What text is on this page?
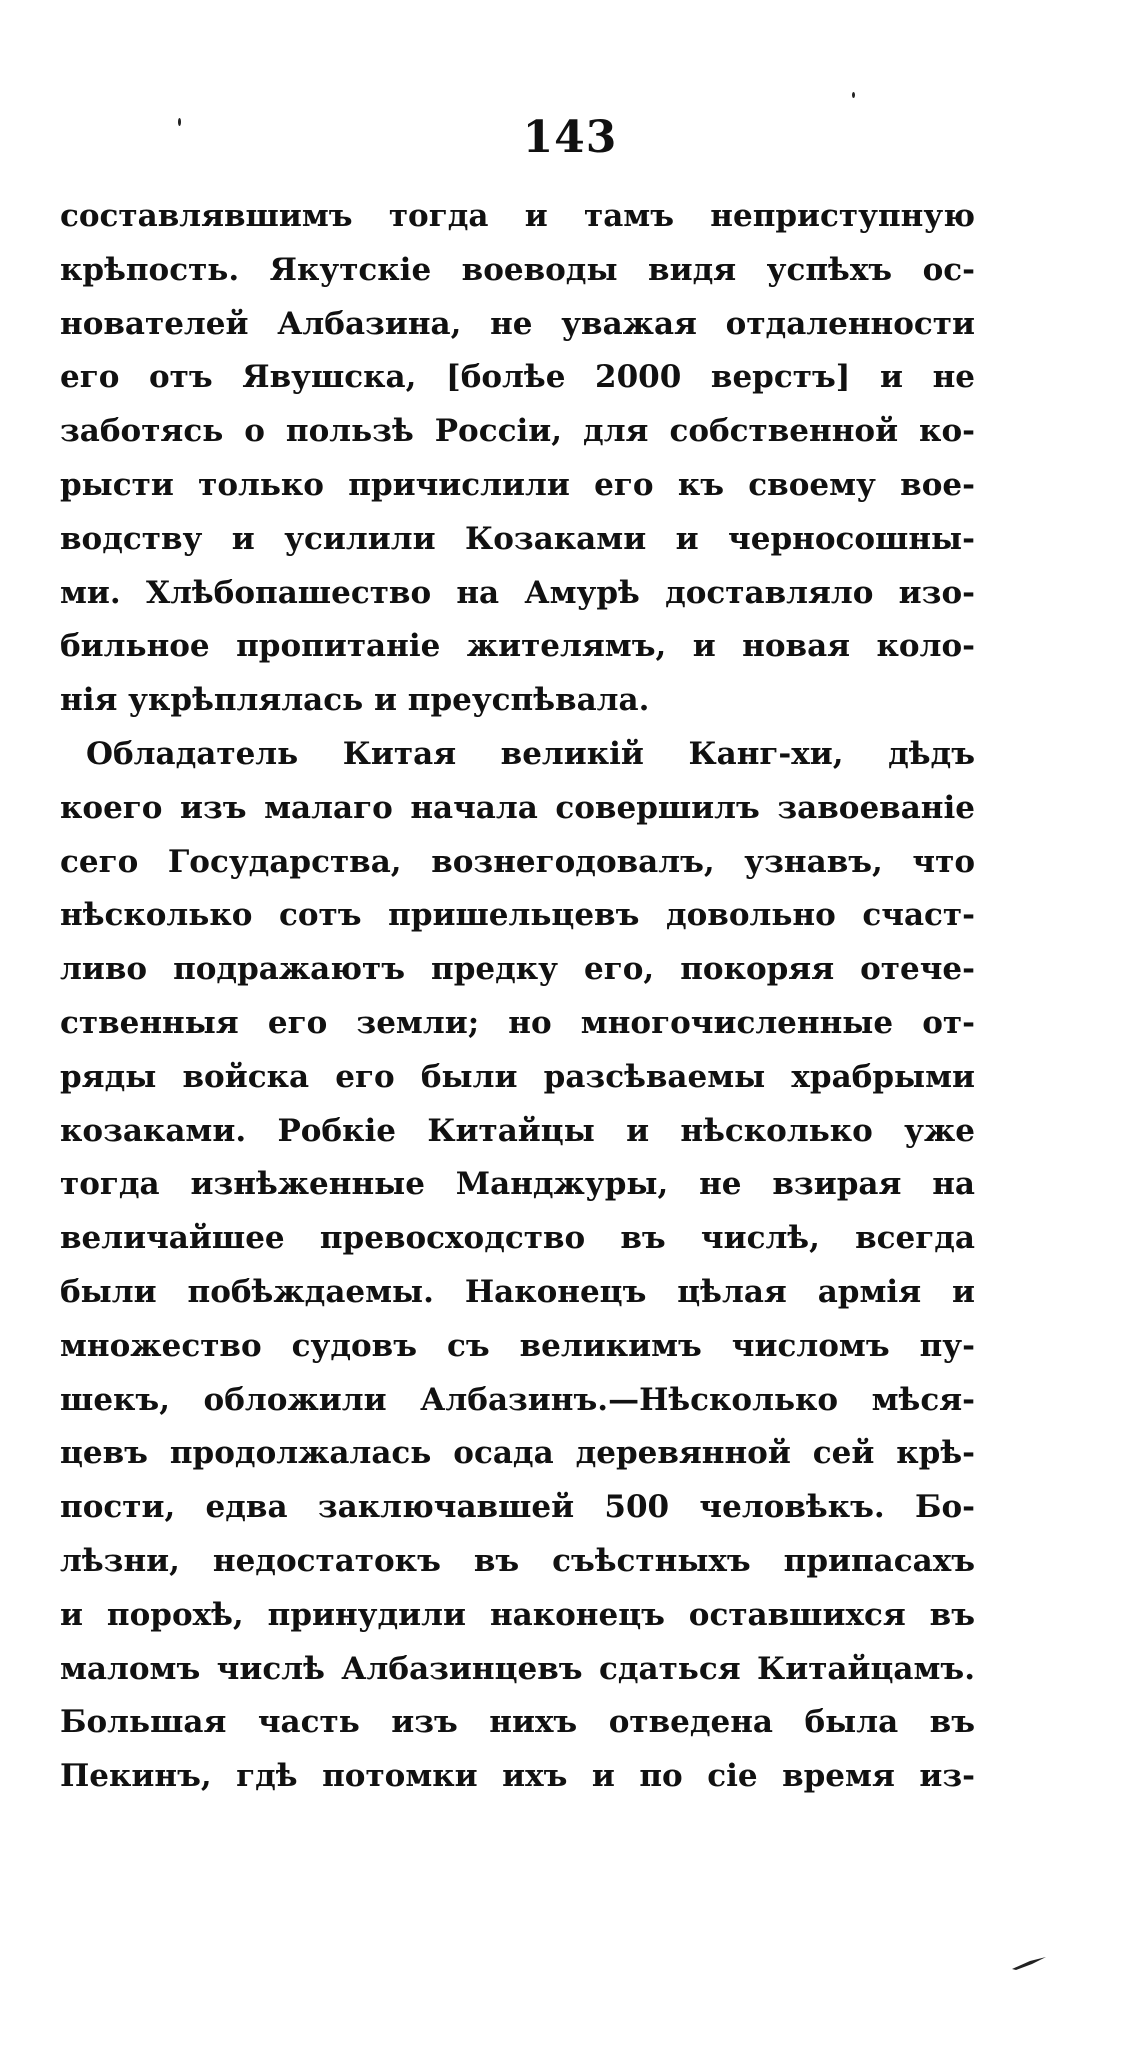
143
составлявшимъ тогда и тамъ неприступную
крѣпость. Якутскіе воеводы видя успѣхъ ос-
нователей Албазина, не уважая отдаленности
его отъ Явушска, [болѣе 2000 верстъ] и не
заботясь о пользѣ Россіи, для собственной ко-
рысти только причислили его къ своему вое-
водству и усилили Козаками и черносошны-
ми. Хлѣбопашество на Амурѣ доставляло изо-
бильное пропитаніе жителямъ, и новая коло-
нія укрѣплялась и преуспѣвала.
Обладатель Китая великій Канг-хи, дѣдъ
коего изъ малаго начала совершилъ завоеваніе
сего Государства, вознегодовалъ, узнавъ, что
нѣсколько сотъ пришельцевъ довольно счаст-
ливо подражаютъ предку его, покоряя отече-
ственныя его земли; но многочисленные от-
ряды войска его были разсѣваемы храбрыми
козаками. Робкіе Китайцы и нѣсколько уже
тогда изнѣженные Манджуры, не взирая на
величайшее превосходство въ числѣ, всегда
были побѣждаемы. Наконецъ цѣлая армія и
множество судовъ съ великимъ числомъ пу-
шекъ, обложили Албазинъ.—Нѣсколько мѣся-
цевъ продолжалась осада деревянной сей крѣ-
пости, едва заключавшей 500 человѣкъ. Бо-
лѣзни, недостатокъ въ съѣстныхъ припасахъ
и порохѣ, принудили наконецъ оставшихся въ
маломъ числѣ Албазинцевъ сдаться Китайцамъ.
Большая часть изъ нихъ отведена была въ
Пекинъ, гдѣ потомки ихъ и по сіе время из-
